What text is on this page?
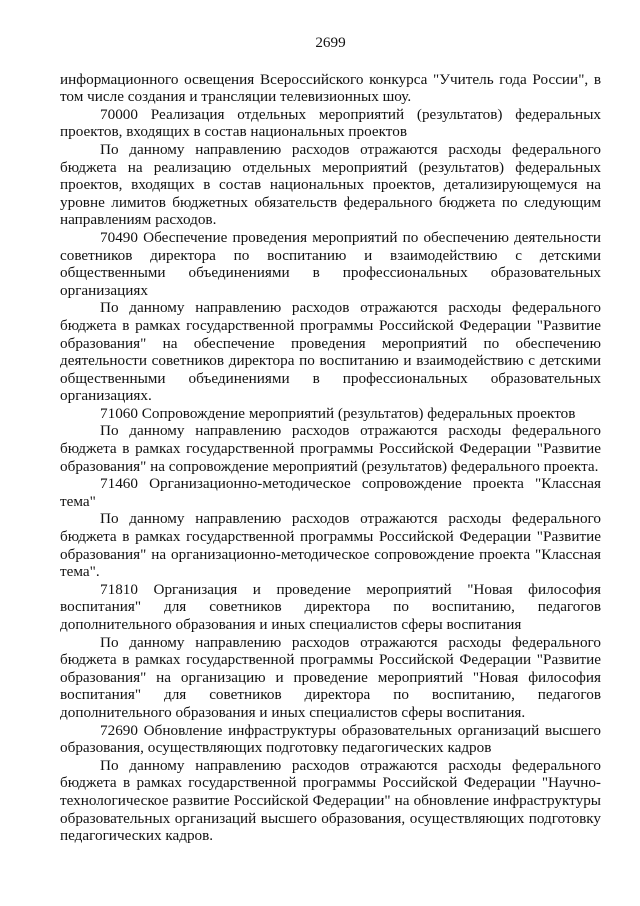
2699

информационного освещения Всероссийского конкурса "Учитель года России", в том числе создания и трансляции телевизионных шоу.

70000 Реализация отдельных мероприятий (результатов) федеральных проектов, входящих в состав национальных проектов

По данному направлению расходов отражаются расходы федерального бюджета на реализацию отдельных мероприятий (результатов) федеральных проектов, входящих в состав национальных проектов, детализирующемуся на уровне лимитов бюджетных обязательств федерального бюджета по следующим направлениям расходов.

70490 Обеспечение проведения мероприятий по обеспечению деятельности советников директора по воспитанию и взаимодействию с детскими общественными объединениями в профессиональных образовательных организациях

По данному направлению расходов отражаются расходы федерального бюджета в рамках государственной программы Российской Федерации "Развитие образования" на обеспечение проведения мероприятий по обеспечению деятельности советников директора по воспитанию и взаимодействию с детскими общественными объединениями в профессиональных образовательных организациях.

71060 Сопровождение мероприятий (результатов) федеральных проектов

По данному направлению расходов отражаются расходы федерального бюджета в рамках государственной программы Российской Федерации "Развитие образования" на сопровождение мероприятий (результатов) федерального проекта.

71460 Организационно-методическое сопровождение проекта "Классная тема"

По данному направлению расходов отражаются расходы федерального бюджета в рамках государственной программы Российской Федерации "Развитие образования" на организационно-методическое сопровождение проекта "Классная тема".

71810 Организация и проведение мероприятий "Новая философия воспитания" для советников директора по воспитанию, педагогов дополнительного образования и иных специалистов сферы воспитания

По данному направлению расходов отражаются расходы федерального бюджета в рамках государственной программы Российской Федерации "Развитие образования" на организацию и проведение мероприятий "Новая философия воспитания" для советников директора по воспитанию, педагогов дополнительного образования и иных специалистов сферы воспитания.

72690 Обновление инфраструктуры образовательных организаций высшего образования, осуществляющих подготовку педагогических кадров

По данному направлению расходов отражаются расходы федерального бюджета в рамках государственной программы Российской Федерации "Научно-технологическое развитие Российской Федерации" на обновление инфраструктуры образовательных организаций высшего образования, осуществляющих подготовку педагогических кадров.
